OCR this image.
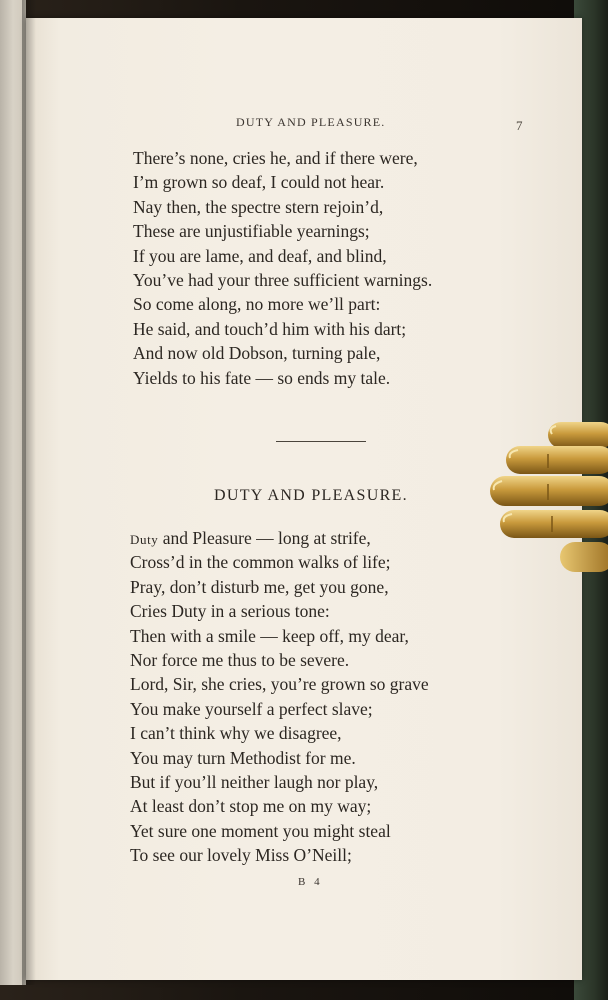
DUTY AND PLEASURE.	7
There’s none, cries he, and if there were,
I’m grown so deaf, I could not hear.
Nay then, the spectre stern rejoin’d,
These are unjustifiable yearnings;
If you are lame, and deaf, and blind,
You’ve had your three sufficient warnings.
So come along, no more we’ll part:
He said, and touch’d him with his dart;
And now old Dobson, turning pale,
Yields to his fate — so ends my tale.
DUTY AND PLEASURE.
Duty and Pleasure — long at strife,
Cross’d in the common walks of life;
Pray, don’t disturb me, get you gone,
Cries Duty in a serious tone:
Then with a smile — keep off, my dear,
Nor force me thus to be severe.
Lord, Sir, she cries, you’re grown so grave
You make yourself a perfect slave;
I can’t think why we disagree,
You may turn Methodist for me.
But if you’ll neither laugh nor play,
At least don’t stop me on my way;
Yet sure one moment you might steal
To see our lovely Miss O’Neill;
B 4
